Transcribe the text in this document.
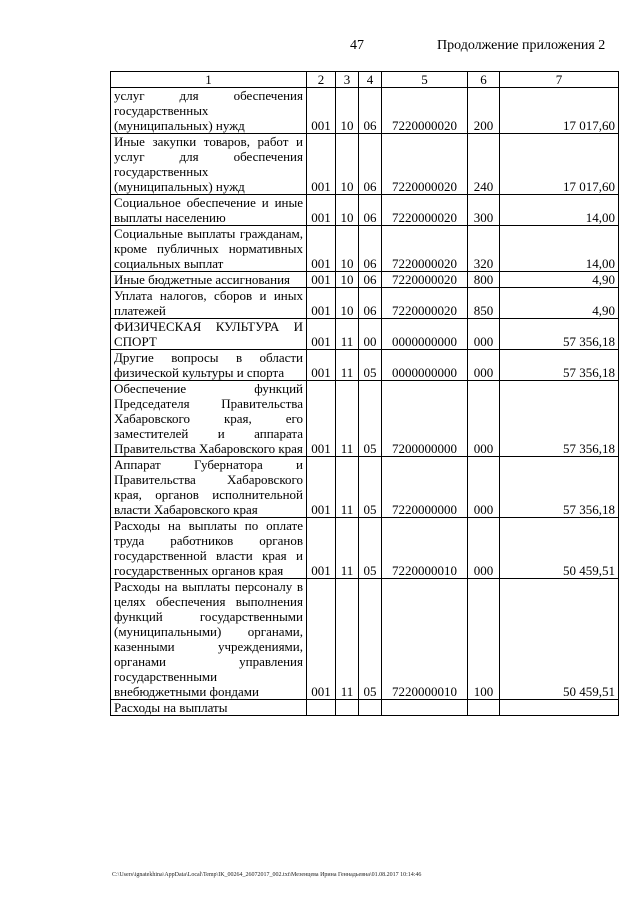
47	Продолжение приложения 2
1	2	3	4	5	6	7
услуг для обеспечения государственных (муниципальных) нужд	001	10	06	7220000020	200	17 017,60
Иные закупки товаров, работ и услуг для обеспечения государственных (муниципальных) нужд	001	10	06	7220000020	240	17 017,60
Социальное обеспечение и иные выплаты населению	001	10	06	7220000020	300	14,00
Социальные выплаты гражданам, кроме публичных нормативных социальных выплат	001	10	06	7220000020	320	14,00
Иные бюджетные ассигнования	001	10	06	7220000020	800	4,90
Уплата налогов, сборов и иных платежей	001	10	06	7220000020	850	4,90
ФИЗИЧЕСКАЯ КУЛЬТУРА И СПОРТ	001	11	00	0000000000	000	57 356,18
Другие вопросы в области физической культуры и спорта	001	11	05	0000000000	000	57 356,18
Обеспечение функций Председателя Правительства Хабаровского края, его заместителей и аппарата Правительства Хабаровского края	001	11	05	7200000000	000	57 356,18
Аппарат Губернатора и Правительства Хабаровского края, органов исполнительной власти Хабаровского края	001	11	05	7220000000	000	57 356,18
Расходы на выплаты по оплате труда работников органов государственной власти края и государственных органов края	001	11	05	7220000010	000	50 459,51
Расходы на выплаты персоналу в целях обеспечения выполнения функций государственными (муниципальными) органами, казенными учреждениями, органами управления государственными внебюджетными фондами	001	11	05	7220000010	100	50 459,51
Расходы на выплаты						
C:\Users\ignatekhina\AppData\Local\Temp\IK_00264_26072017_002.txt\Мезенцева Ирина Геннадьевна\01.08.2017 10:14:46
